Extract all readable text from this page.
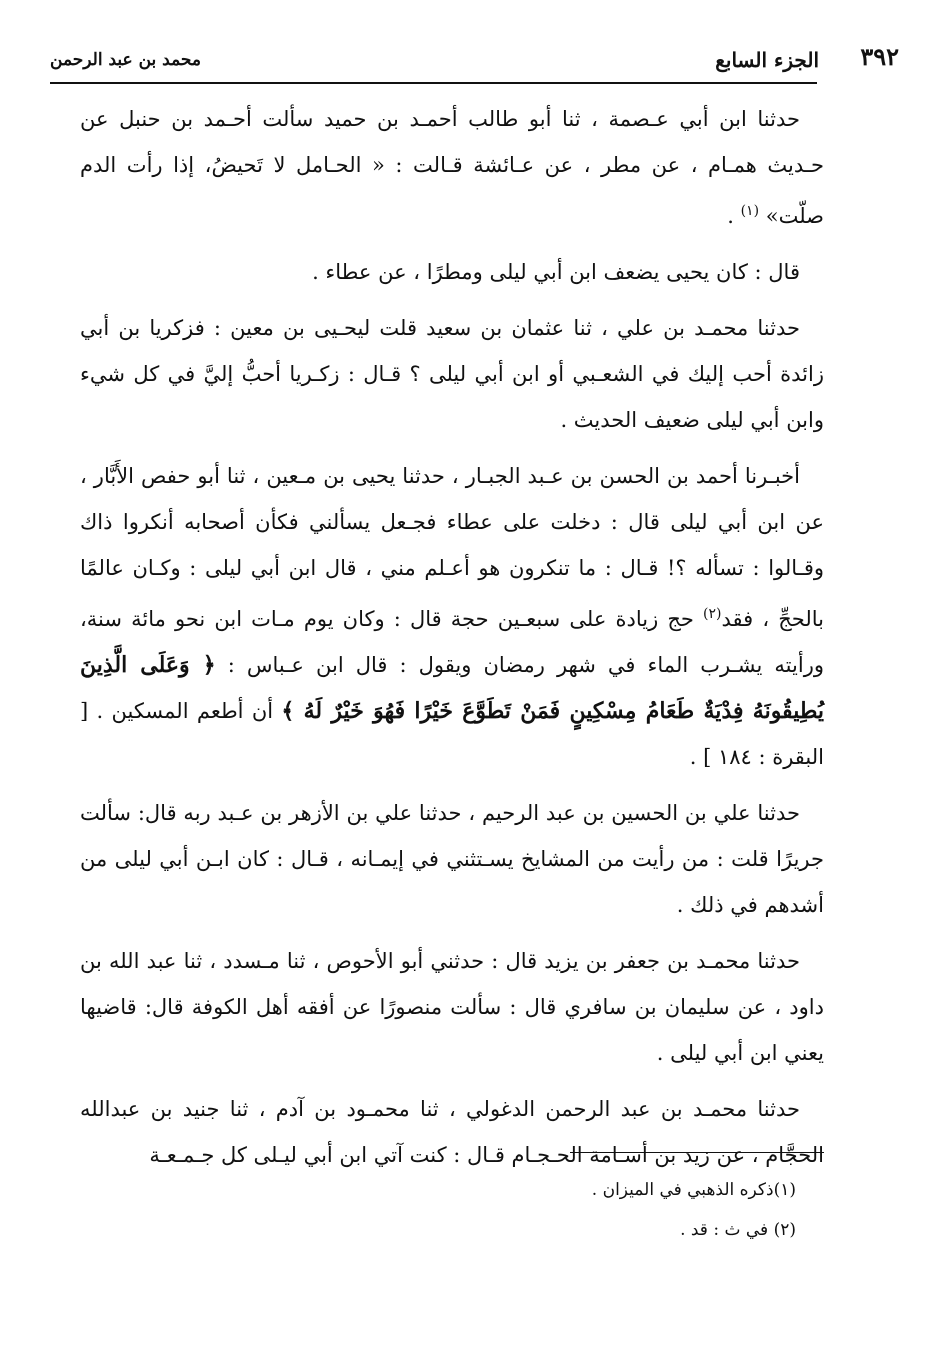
محمد بن عبد الرحمن	الجزء السابع ٣٩٢

حدثنا ابن أبي عـصمة ، ثنا أبو طالب أحمـد بن حميد سألت أحـمد بن حنبل عن حـديث همـام ، عن مطر ، عن عـائشة قـالت : « الحـامل لا تَحيضُ، إذا رأت الدم صلّت» $^{(١)}$ .

قال : كان يحيى يضعف ابن أبي ليلى ومطرًا ، عن عطاء .

حدثنا محمـد بن علي ، ثنا عثمان بن سعيد قلت ليحـيى بن معين : فزكريا بن أبي زائدة أحب إليك في الشعـبي أو ابن أبي ليلى ؟ قـال : زكـريا أحبُّ إليَّ في كل شيء وابن أبي ليلى ضعيف الحديث .

أخبـرنا أحمد بن الحسن بن عـبد الجبـار ، حدثنا يحيى بن مـعين ، ثنا أبو حفص الأَبَّار ، عن ابن أبي ليلى قال : دخلت على عطاء فجـعل يسألني فكأن أصحابه أنكروا ذاك وقـالوا : تسأله ؟! قـال : ما تنكرون هو أعـلم مني ، قال ابن أبي ليلى : وكـان عالمًا بالحجِّ ، فقد$^{(٢)}$ حج زيادة على سبعـين حجة قال : وكان يوم مـات ابن نحو مائة سنة، ورأيته يشـرب الماء في شهر رمضان ويقول : قال ابن عـباس : ﴿ وَعَلَى الَّذِينَ يُطِيقُونَهُ فِدْيَةٌ طَعَامُ مِسْكِينٍ فَمَنْ تَطَوَّعَ خَيْرًا فَهُوَ خَيْرٌ لَهُ ﴾ أن أطعم المسكين . [ البقرة : ١٨٤ ] .

حدثنا علي بن الحسين بن عبد الرحيم ، حدثنا علي بن الأزهر بن عـبد ربه قال: سألت جريرًا قلت : من رأيت من المشايخ يسـتثني في إيمـانه ، قـال : كان ابـن أبي ليلى من أشدهم في ذلك .

حدثنا محمـد بن جعفر بن يزيد قال : حدثني أبو الأحوص ، ثنا مـسدد ، ثنا عبد الله بن داود ، عن سليمان بن سافري قال : سألت منصورًا عن أفقه أهل الكوفة قال: قاضيها يعني ابن أبي ليلى .

حدثنا محمـد بن عبد الرحمن الدغولي ، ثنا محمـود بن آدم ، ثنا جنيد بن عبدالله الحجَّام ، عن زيد بن أسـامة الحـجـام قـال : كنت آتي ابن أبي ليـلى كل جـمـعـة

(١)ذكره الذهبي في الميزان .
(٢) في ث : قد .
